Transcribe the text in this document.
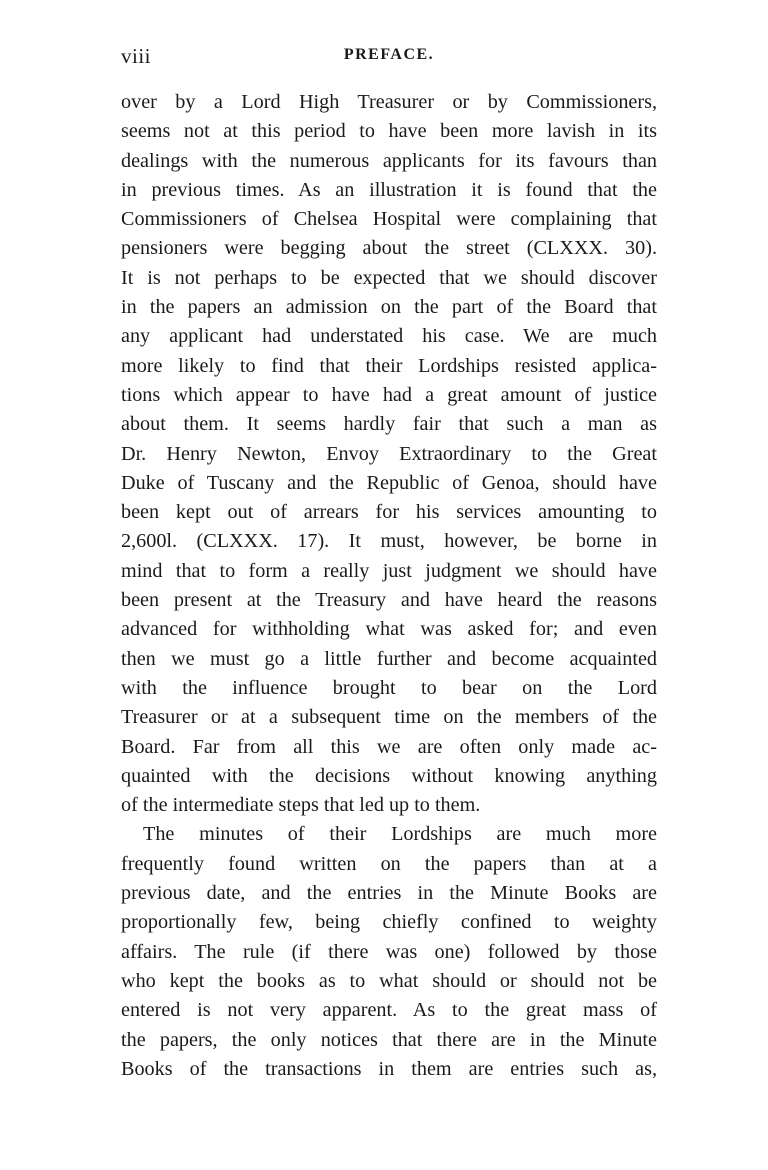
viii	PREFACE.
over by a Lord High Treasurer or by Commissioners,
seems not at this period to have been more lavish in its
dealings with the numerous applicants for its favours than
in previous times. As an illustration it is found that the
Commissioners of Chelsea Hospital were complaining that
pensioners were begging about the street (CLXXX. 30).
It is not perhaps to be expected that we should discover
in the papers an admission on the part of the Board that
any applicant had understated his case. We are much
more likely to find that their Lordships resisted applica-
tions which appear to have had a great amount of justice
about them. It seems hardly fair that such a man as
Dr. Henry Newton, Envoy Extraordinary to the Great
Duke of Tuscany and the Republic of Genoa, should have
been kept out of arrears for his services amounting to
2,600l. (CLXXX. 17). It must, however, be borne in
mind that to form a really just judgment we should have
been present at the Treasury and have heard the reasons
advanced for withholding what was asked for; and even
then we must go a little further and become acquainted
with the influence brought to bear on the Lord
Treasurer or at a subsequent time on the members of the
Board. Far from all this we are often only made ac-
quainted with the decisions without knowing anything
of the intermediate steps that led up to them.
The minutes of their Lordships are much more
frequently found written on the papers than at a
previous date, and the entries in the Minute Books are
proportionally few, being chiefly confined to weighty
affairs. The rule (if there was one) followed by those
who kept the books as to what should or should not be
entered is not very apparent. As to the great mass of
the papers, the only notices that there are in the Minute
Books of the transactions in them are entries such as,
